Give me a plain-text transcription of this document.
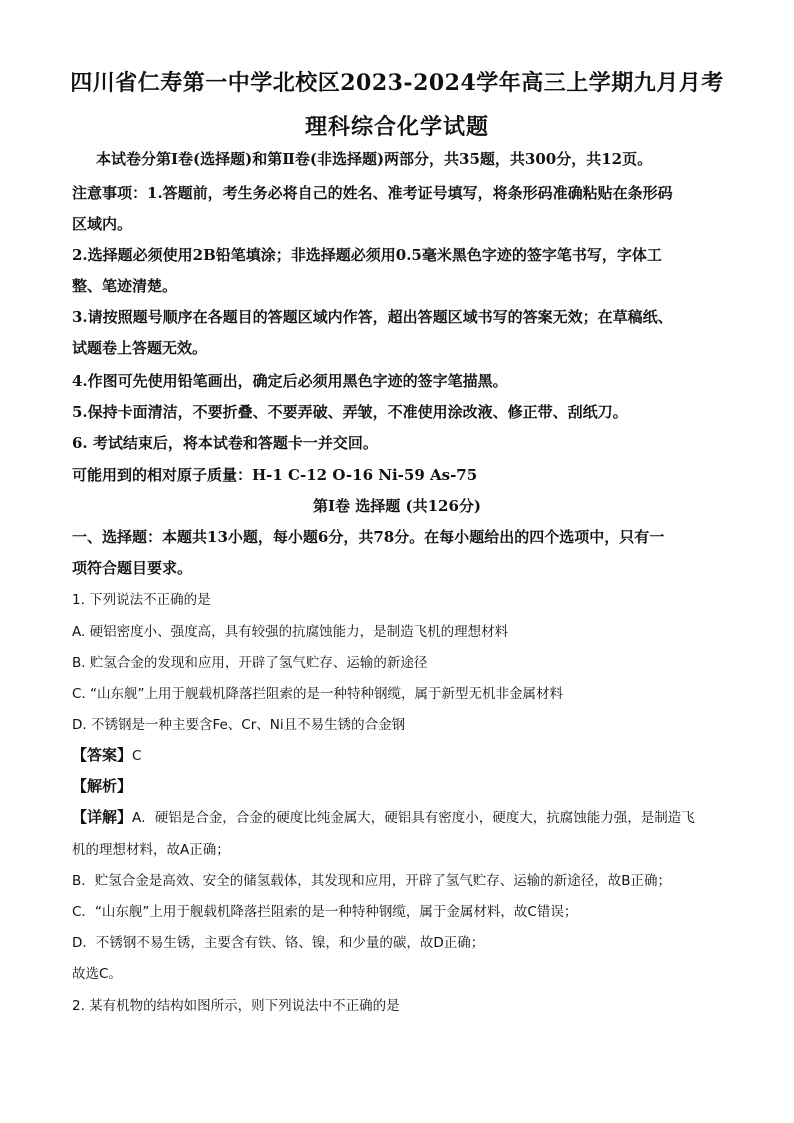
四川省仁寿第一中学北校区2023-2024学年高三上学期九月月考
理科综合化学试题
本试卷分第Ⅰ卷(选择题)和第Ⅱ卷(非选择题)两部分，共35题，共300分，共12页。
注意事项：1.答题前，考生务必将自己的姓名、准考证号填写，将条形码准确粘贴在条形码
区域内。
2.选择题必须使用2B铅笔填涂；非选择题必须用0.5毫米黑色字迹的签字笔书写，字体工
整、笔迹清楚。
3.请按照题号顺序在各题目的答题区域内作答，超出答题区域书写的答案无效；在草稿纸、
试题卷上答题无效。
4.作图可先使用铅笔画出，确定后必须用黑色字迹的签字笔描黑。
5.保持卡面清洁，不要折叠、不要弄破、弄皱，不准使用涂改液、修正带、刮纸刀。
6. 考试结束后，将本试卷和答题卡一并交回。
可能用到的相对原子质量：H-1 C-12 O-16 Ni-59 As-75
第Ⅰ卷 选择题 (共126分)
一、选择题：本题共13小题，每小题6分，共78分。在每小题给出的四个选项中，只有一
项符合题目要求。
1. 下列说法不正确的是
A. 硬铝密度小、强度高，具有较强的抗腐蚀能力，是制造飞机的理想材料
B. 贮氢合金的发现和应用，开辟了氢气贮存、运输的新途径
C. “山东舰”上用于舰载机降落拦阻索的是一种特种钢缆，属于新型无机非金属材料
D. 不锈钢是一种主要含Fe、Cr、Ni且不易生锈的合金钢
【答案】C
【解析】
【详解】A．硬铝是合金，合金的硬度比纯金属大，硬铝具有密度小，硬度大，抗腐蚀能力强，是制造飞
机的理想材料，故A正确；
B．贮氢合金是高效、安全的储氢载体，其发现和应用，开辟了氢气贮存、运输的新途径，故B正确；
C．“山东舰”上用于舰载机降落拦阻索的是一种特种钢缆，属于金属材料，故C错误；
D．不锈钢不易生锈，主要含有铁、铬、镍，和少量的碳，故D正确；
故选C。
2. 某有机物的结构如图所示，则下列说法中不正确的是
